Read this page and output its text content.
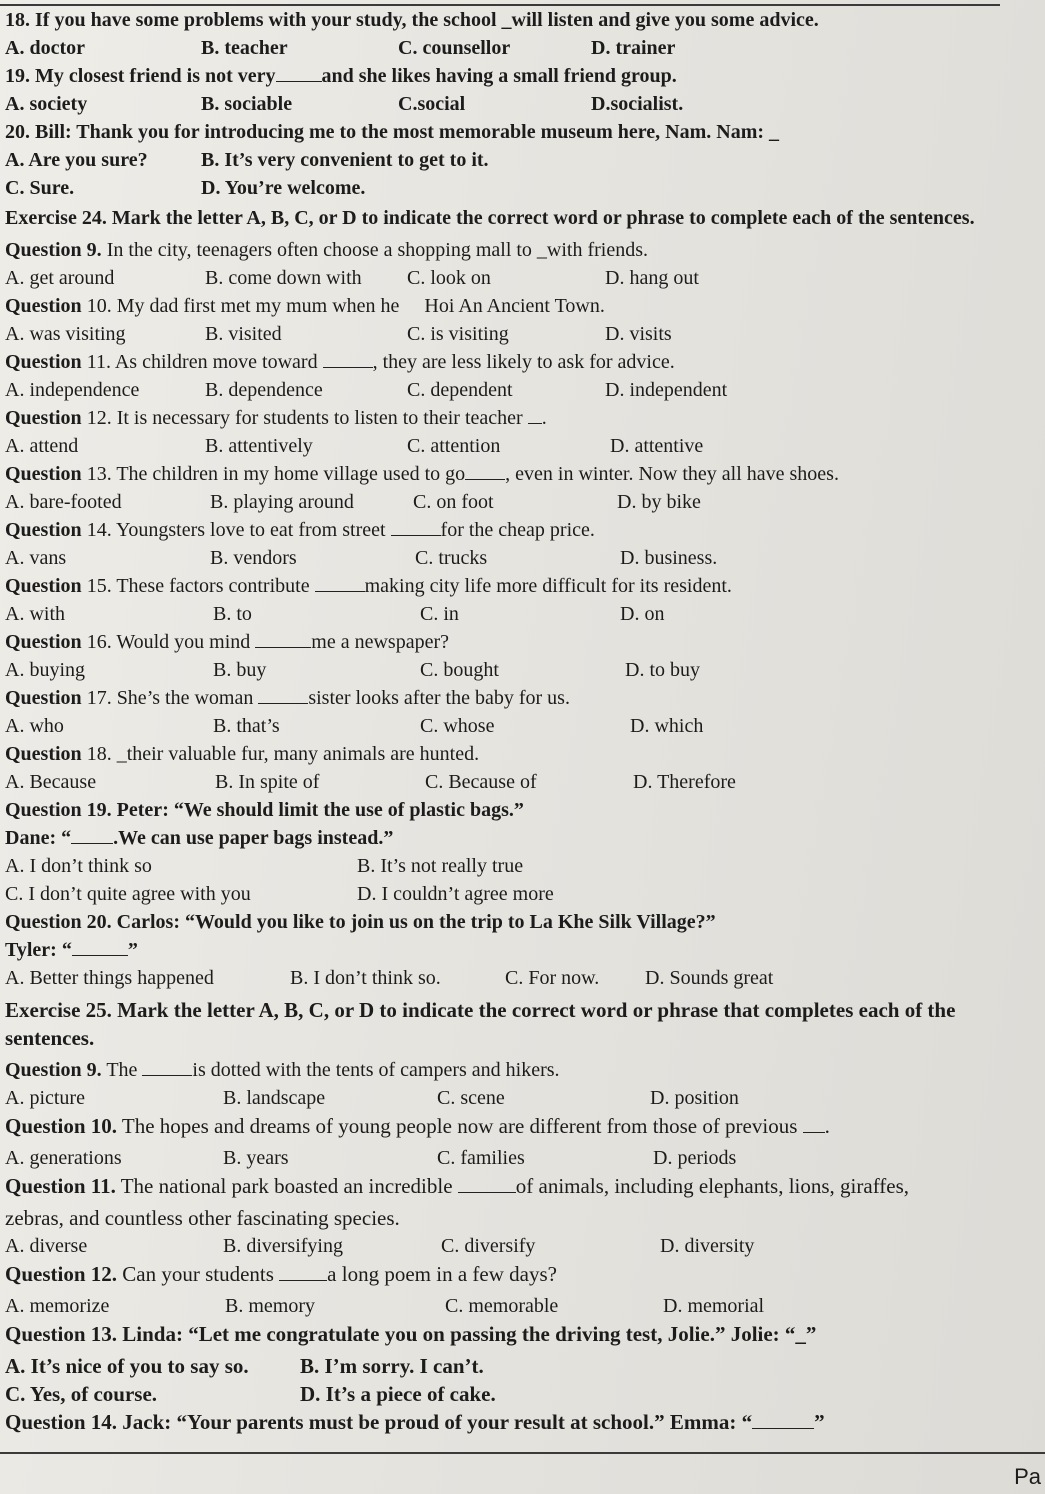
18. If you have some problems with your study, the school _will listen and give you some advice.
A. doctor	B. teacher	C. counsellor	D. trainer
19. My closest friend is not very and she likes having a small friend group.
A. society	B. sociable	C.social	D.socialist.
20. Bill: Thank you for introducing me to the most memorable museum here, Nam. Nam: _
A. Are you sure?	B. It’s very convenient to get to it.
C. Sure.	D. You’re welcome.
Exercise 24. Mark the letter A, B, C, or D to indicate the correct word or phrase to complete each of the sentences.
Question 9. In the city, teenagers often choose a shopping mall to _with friends.
A. get around	B. come down with C. look on	D. hang out
Question 10. My dad first met my mum when he     Hoi An Ancient Town.
A. was visiting	B. visited	C. is visiting	D. visits
Question 11. As children move toward	, they are less likely to ask for advice.
A. independence	B. dependence	C. dependent	D. independent
Question 12. It is necessary for students to listen to their teacher .
A. attend	B. attentively	C. attention	D. attentive
Question 13. The children in my home village used to go , even in winter. Now they all have shoes.
A. bare-footed	B. playing around	C. on foot	D. by bike
Question 14. Youngsters love to eat from street	for the cheap price.
A. vans	B. vendors	C. trucks	D. business.
Question 15. These factors contribute	making city life more difficult for its resident.
A. with	B. to	C. in	D. on
Question 16. Would you mind	me a newspaper?
A. buying	B. buy	C. bought	D. to buy
Question 17. She’s the woman	sister looks after the baby for us.
A. who	B. that’s	C. whose	D. which
Question 18. _their valuable fur, many animals are hunted.
A. Because	B. In spite of	C. Because of	D. Therefore
Question 19. Peter: “We should limit the use of plastic bags.”
Dane: “ .We can use paper bags instead.”
A. I don’t think so	B. It’s not really true
C. I don’t quite agree with you	D. I couldn’t agree more
Question 20. Carlos: “Would you like to join us on the trip to La Khe Silk Village?”
Tyler: “	”
A. Better things happened	B. I don’t think so.	C. For now. D. Sounds great
Exercise 25. Mark the letter A, B, C, or D to indicate the correct word or phrase that completes each of the sentences.
Question 9. The	is dotted with the tents of campers and hikers.
A. picture	B. landscape	C. scene	D. position
Question 10. The hopes and dreams of young people now are different from those of previous .
A. generations	B. years	C. families	D. periods
Question 11. The national park boasted an incredible	of animals, including elephants, lions, giraffes,
zebras, and countless other fascinating species.
A. diverse	B. diversifying	C. diversify	D. diversity
Question 12. Can your students	a long poem in a few days?
A. memorize	B. memory	C. memorable	D. memorial
Question 13. Linda: “Let me congratulate you on passing the driving test, Jolie.” Jolie: “_”
A. It’s nice of you to say so. B. I’m sorry. I can’t.
C. Yes, of course.	D. It’s a piece of cake.
Question 14. Jack: “Your parents must be proud of your result at school.” Emma: “	”
Pa
